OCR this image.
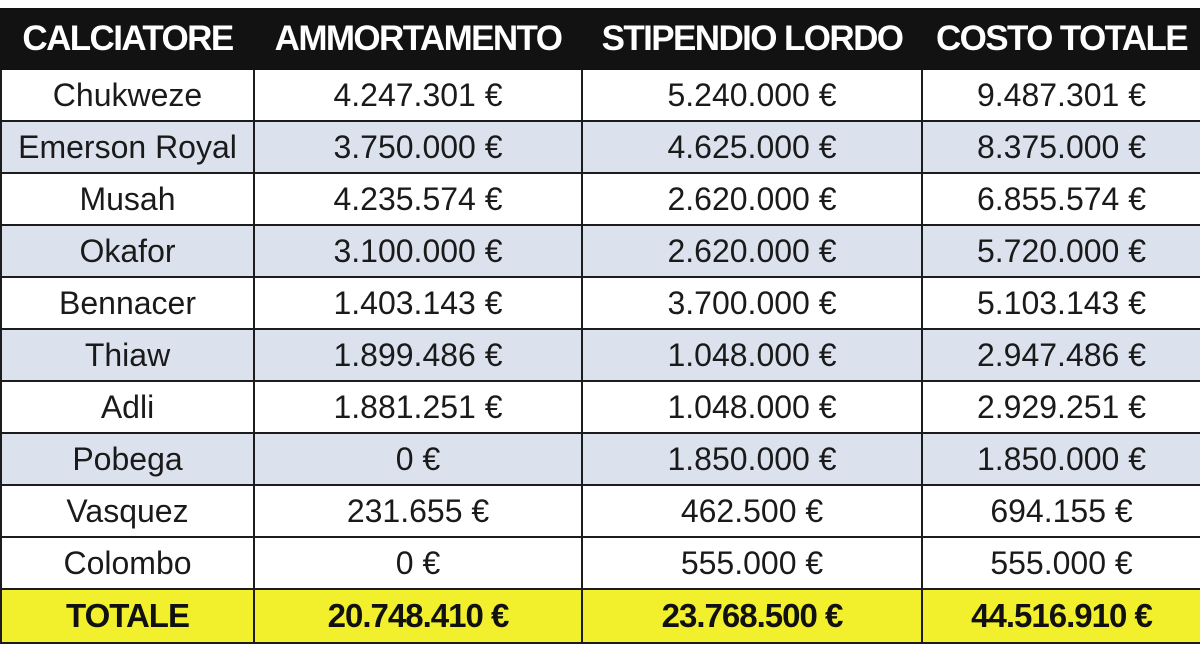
CALCIATORE	AMMORTAMENTO	STIPENDIO LORDO	COSTO TOTALE
Chukweze	4.247.301 €	5.240.000 €	9.487.301 €
Emerson Royal	3.750.000 €	4.625.000 €	8.375.000 €
Musah	4.235.574 €	2.620.000 €	6.855.574 €
Okafor	3.100.000 €	2.620.000 €	5.720.000 €
Bennacer	1.403.143 €	3.700.000 €	5.103.143 €
Thiaw	1.899.486 €	1.048.000 €	2.947.486 €
Adli	1.881.251 €	1.048.000 €	2.929.251 €
Pobega	0 €	1.850.000 €	1.850.000 €
Vasquez	231.655 €	462.500 €	694.155 €
Colombo	0 €	555.000 €	555.000 €
TOTALE	20.748.410 €	23.768.500 €	44.516.910 €
